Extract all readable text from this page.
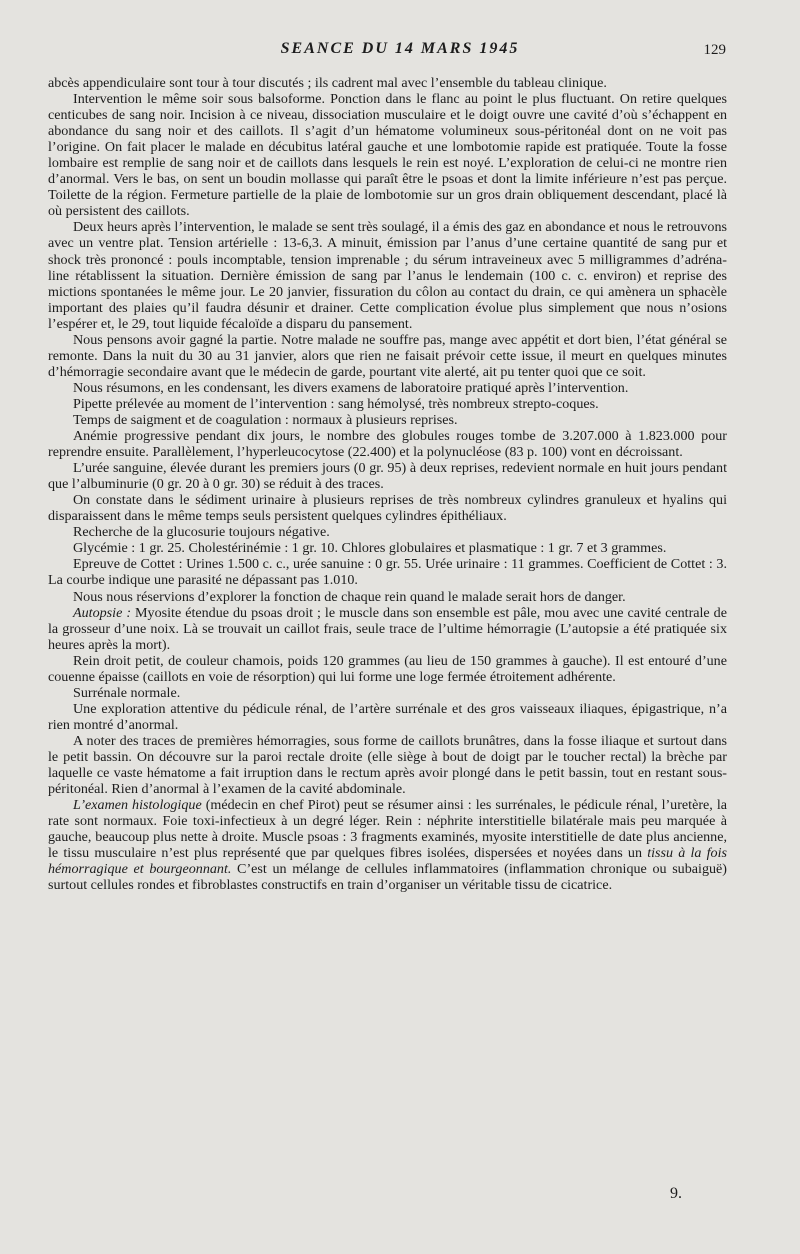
SEANCE DU 14 MARS 1945	129

abcès appendiculaire sont tour à tour discutés ; ils cadrent mal avec l’ensemble du tableau clinique.

Intervention le même soir sous balsoforme. Ponction dans le flanc au point le plus fluctuant. On retire quelques centicubes de sang noir. Incision à ce niveau, dissociation musculaire et le doigt ouvre une cavité d’où s’échappent en abondance du sang noir et des caillots. Il s’agit d’un hématome volumineux sous-péritonéal dont on ne voit pas l’origine. On fait placer le malade en décubitus latéral gauche et une lombotomie rapide est pratiquée. Toute la fosse lombaire est remplie de sang noir et de caillots dans lesquels le rein est noyé. L’exploration de celui-ci ne montre rien d’anormal. Vers le bas, on sent un boudin mollasse qui paraît être le psoas et dont la limite inférieure n’est pas perçue. Toilette de la région. Fermeture partielle de la plaie de lombotomie sur un gros drain obliquement descendant, placé là où persistent des caillots.

Deux heurs après l’intervention, le malade se sent très soulagé, il a émis des gaz en abondance et nous le retrouvons avec un ventre plat. Tension artérielle : 13-6,3. A minuit, émission par l’anus d’une certaine quantité de sang pur et shock très prononcé : pouls incomptable, tension imprenable ; du sérum intraveineux avec 5 milligrammes d’adréna-line rétablissent la situation. Dernière émission de sang par l’anus le lendemain (100 c. c. environ) et reprise des mictions spontanées le même jour. Le 20 janvier, fissuration du côlon au contact du drain, ce qui amènera un sphacèle important des plaies qu’il faudra désunir et drainer. Cette complication évolue plus simplement que nous n’osions l’espérer et, le 29, tout liquide fécaloïde a disparu du pansement.

Nous pensons avoir gagné la partie. Notre malade ne souffre pas, mange avec appétit et dort bien, l’état général se remonte. Dans la nuit du 30 au 31 janvier, alors que rien ne faisait prévoir cette issue, il meurt en quelques minutes d’hémorragie secondaire avant que le médecin de garde, pourtant vite alerté, ait pu tenter quoi que ce soit.

Nous résumons, en les condensant, les divers examens de laboratoire pratiqué après l’intervention.

Pipette prélevée au moment de l’intervention : sang hémolysé, très nombreux strepto-coques.

Temps de saigment et de coagulation : normaux à plusieurs reprises.

Anémie progressive pendant dix jours, le nombre des globules rouges tombe de 3.207.000 à 1.823.000 pour reprendre ensuite. Parallèlement, l’hyperleucocytose (22.400) et la polynucléose (83 p. 100) vont en décroissant.

L’urée sanguine, élevée durant les premiers jours (0 gr. 95) à deux reprises, redevient normale en huit jours pendant que l’albuminurie (0 gr. 20 à 0 gr. 30) se réduit à des traces.

On constate dans le sédiment urinaire à plusieurs reprises de très nombreux cylindres granuleux et hyalins qui disparaissent dans le même temps seuls persistent quelques cylindres épithéliaux.

Recherche de la glucosurie toujours négative.

Glycémie : 1 gr. 25. Cholestérinémie : 1 gr. 10. Chlores globulaires et plasmatique : 1 gr. 7 et 3 grammes.

Epreuve de Cottet : Urines 1.500 c. c., urée sanuine : 0 gr. 55. Urée urinaire : 11 grammes. Coefficient de Cottet : 3. La courbe indique une parasité ne dépassant pas 1.010.

Nous nous réservions d’explorer la fonction de chaque rein quand le malade serait hors de danger.

Autopsie : Myosite étendue du psoas droit ; le muscle dans son ensemble est pâle, mou avec une cavité centrale de la grosseur d’une noix. Là se trouvait un caillot frais, seule trace de l’ultime hémorragie (L’autopsie a été pratiquée six heures après la mort).

Rein droit petit, de couleur chamois, poids 120 grammes (au lieu de 150 grammes à gauche). Il est entouré d’une couenne épaisse (caillots en voie de résorption) qui lui forme une loge fermée étroitement adhérente.

Surrénale normale.

Une exploration attentive du pédicule rénal, de l’artère surrénale et des gros vaisseaux iliaques, épigastrique, n’a rien montré d’anormal.

A noter des traces de premières hémorragies, sous forme de caillots brunâtres, dans la fosse iliaque et surtout dans le petit bassin. On découvre sur la paroi rectale droite (elle siège à bout de doigt par le toucher rectal) la brèche par laquelle ce vaste hématome a fait irruption dans le rectum après avoir plongé dans le petit bassin, tout en restant sous-péritonéal. Rien d’anormal à l’examen de la cavité abdominale.

L’examen histologique (médecin en chef Pirot) peut se résumer ainsi : les surrénales, le pédicule rénal, l’uretère, la rate sont normaux. Foie toxi-infectieux à un degré léger. Rein : néphrite interstitielle bilatérale mais peu marquée à gauche, beaucoup plus nette à droite. Muscle psoas : 3 fragments examinés, myosite interstitielle de date plus ancienne, le tissu musculaire n’est plus représenté que par quelques fibres isolées, dispersées et noyées dans un tissu à la fois hémorragique et bourgeonnant. C’est un mélange de cellules inflammatoires (inflammation chronique ou subaiguë) surtout cellules rondes et fibroblastes constructifs en train d’organiser un véritable tissu de cicatrice.

9.
